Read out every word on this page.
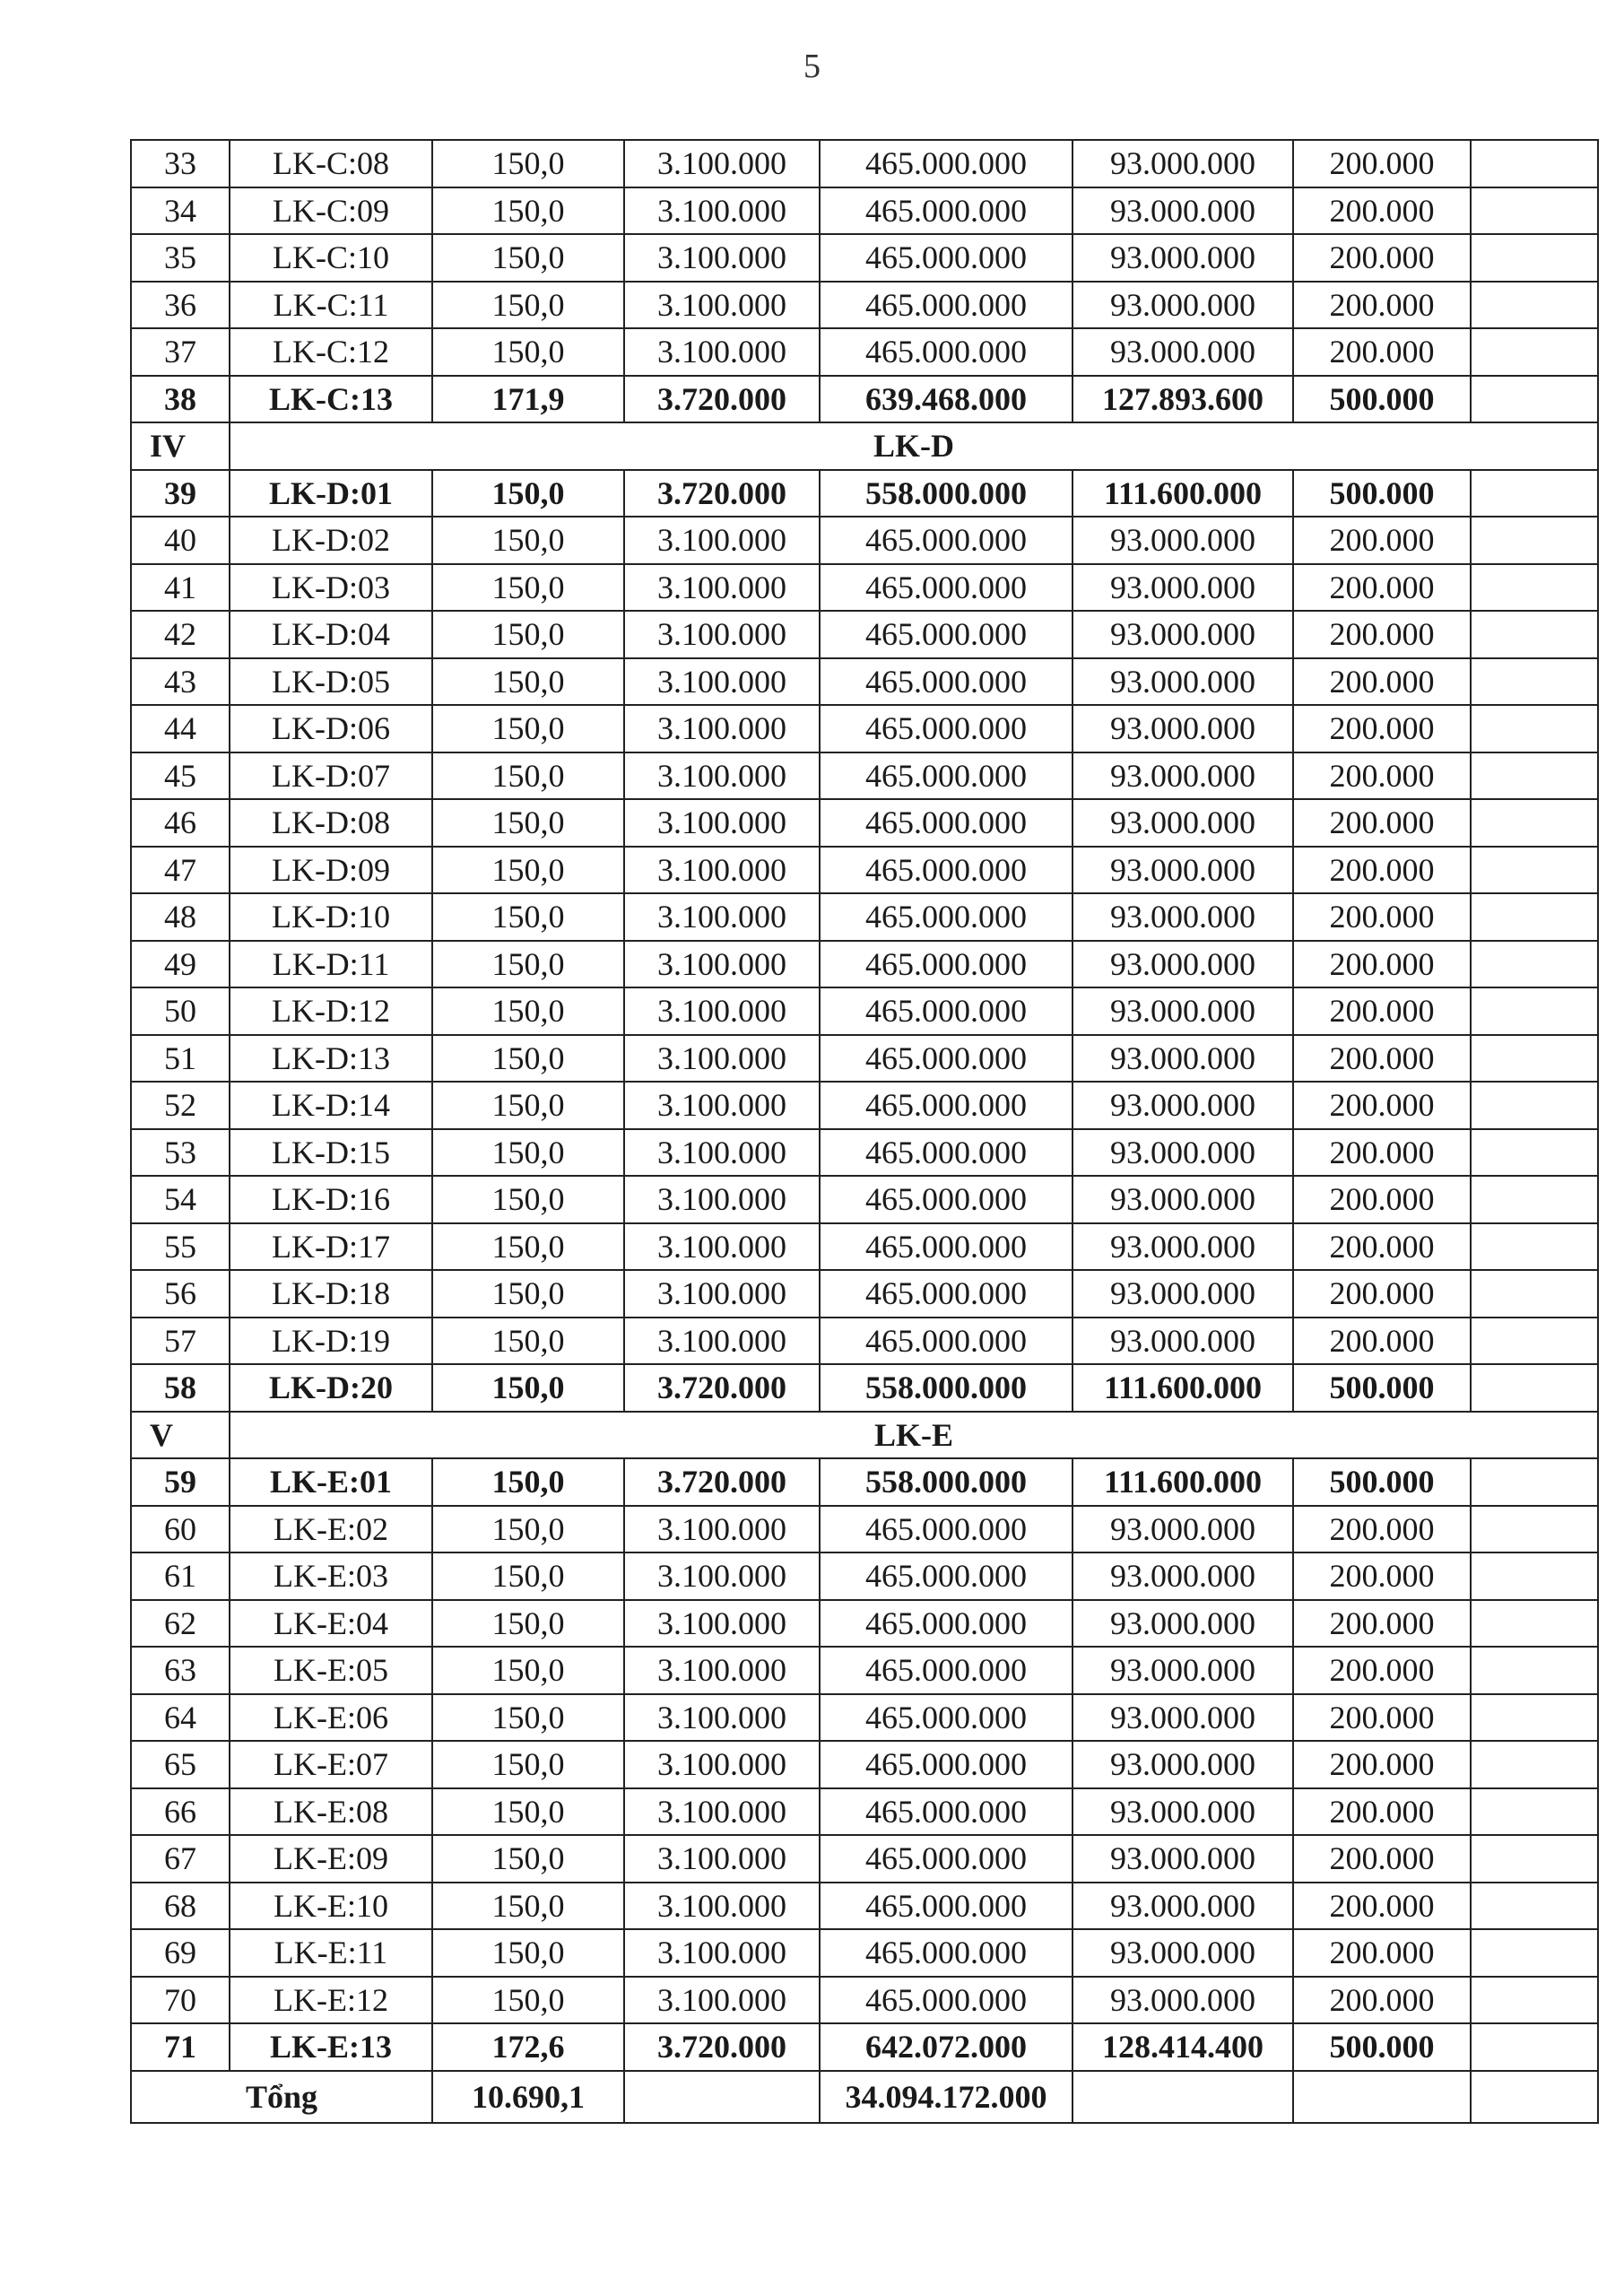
5
33	LK-C:08	150,0	3.100.000	465.000.000	93.000.000	200.000	
34	LK-C:09	150,0	3.100.000	465.000.000	93.000.000	200.000	
35	LK-C:10	150,0	3.100.000	465.000.000	93.000.000	200.000	
36	LK-C:11	150,0	3.100.000	465.000.000	93.000.000	200.000	
37	LK-C:12	150,0	3.100.000	465.000.000	93.000.000	200.000	
38	LK-C:13	171,9	3.720.000	639.468.000	127.893.600	500.000	
IV	LK-D						
39	LK-D:01	150,0	3.720.000	558.000.000	111.600.000	500.000	
40	LK-D:02	150,0	3.100.000	465.000.000	93.000.000	200.000	
41	LK-D:03	150,0	3.100.000	465.000.000	93.000.000	200.000	
42	LK-D:04	150,0	3.100.000	465.000.000	93.000.000	200.000	
43	LK-D:05	150,0	3.100.000	465.000.000	93.000.000	200.000	
44	LK-D:06	150,0	3.100.000	465.000.000	93.000.000	200.000	
45	LK-D:07	150,0	3.100.000	465.000.000	93.000.000	200.000	
46	LK-D:08	150,0	3.100.000	465.000.000	93.000.000	200.000	
47	LK-D:09	150,0	3.100.000	465.000.000	93.000.000	200.000	
48	LK-D:10	150,0	3.100.000	465.000.000	93.000.000	200.000	
49	LK-D:11	150,0	3.100.000	465.000.000	93.000.000	200.000	
50	LK-D:12	150,0	3.100.000	465.000.000	93.000.000	200.000	
51	LK-D:13	150,0	3.100.000	465.000.000	93.000.000	200.000	
52	LK-D:14	150,0	3.100.000	465.000.000	93.000.000	200.000	
53	LK-D:15	150,0	3.100.000	465.000.000	93.000.000	200.000	
54	LK-D:16	150,0	3.100.000	465.000.000	93.000.000	200.000	
55	LK-D:17	150,0	3.100.000	465.000.000	93.000.000	200.000	
56	LK-D:18	150,0	3.100.000	465.000.000	93.000.000	200.000	
57	LK-D:19	150,0	3.100.000	465.000.000	93.000.000	200.000	
58	LK-D:20	150,0	3.720.000	558.000.000	111.600.000	500.000	
V	LK-E						
59	LK-E:01	150,0	3.720.000	558.000.000	111.600.000	500.000	
60	LK-E:02	150,0	3.100.000	465.000.000	93.000.000	200.000	
61	LK-E:03	150,0	3.100.000	465.000.000	93.000.000	200.000	
62	LK-E:04	150,0	3.100.000	465.000.000	93.000.000	200.000	
63	LK-E:05	150,0	3.100.000	465.000.000	93.000.000	200.000	
64	LK-E:06	150,0	3.100.000	465.000.000	93.000.000	200.000	
65	LK-E:07	150,0	3.100.000	465.000.000	93.000.000	200.000	
66	LK-E:08	150,0	3.100.000	465.000.000	93.000.000	200.000	
67	LK-E:09	150,0	3.100.000	465.000.000	93.000.000	200.000	
68	LK-E:10	150,0	3.100.000	465.000.000	93.000.000	200.000	
69	LK-E:11	150,0	3.100.000	465.000.000	93.000.000	200.000	
70	LK-E:12	150,0	3.100.000	465.000.000	93.000.000	200.000	
71	LK-E:13	172,6	3.720.000	642.072.000	128.414.400	500.000	
Tổng		10.690,1		34.094.172.000			
